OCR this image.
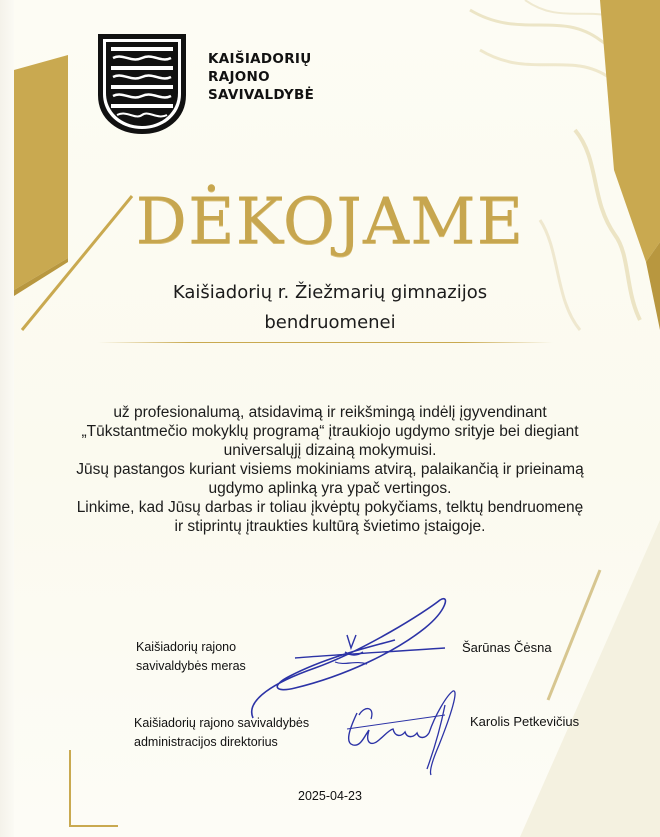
KAIŠIADORIŲ
RAJONO
SAVIVALDYBĖ
DĖKOJAME
Kaišiadorių r. Žiežmarių gimnazijos
bendruomenei
už profesionalumą, atsidavimą ir reikšmingą indėlį įgyvendinant
„Tūkstantmečio mokyklų programą“ įtraukiojo ugdymo srityje bei diegiant
universalųjį dizainą mokymuisi.
Jūsų pastangos kuriant visiems mokiniams atvirą, palaikančią ir prieinamą
ugdymo aplinką yra ypač vertingos.
Linkime, kad Jūsų darbas ir toliau įkvėptų pokyčiams, telktų bendruomenę
ir stiprintų įtraukties kultūrą švietimo įstaigoje.
Kaišiadorių rajono
savivaldybės meras
Šarūnas Čėsna
Kaišiadorių rajono savivaldybės
administracijos direktorius
Karolis Petkevičius
2025-04-23
